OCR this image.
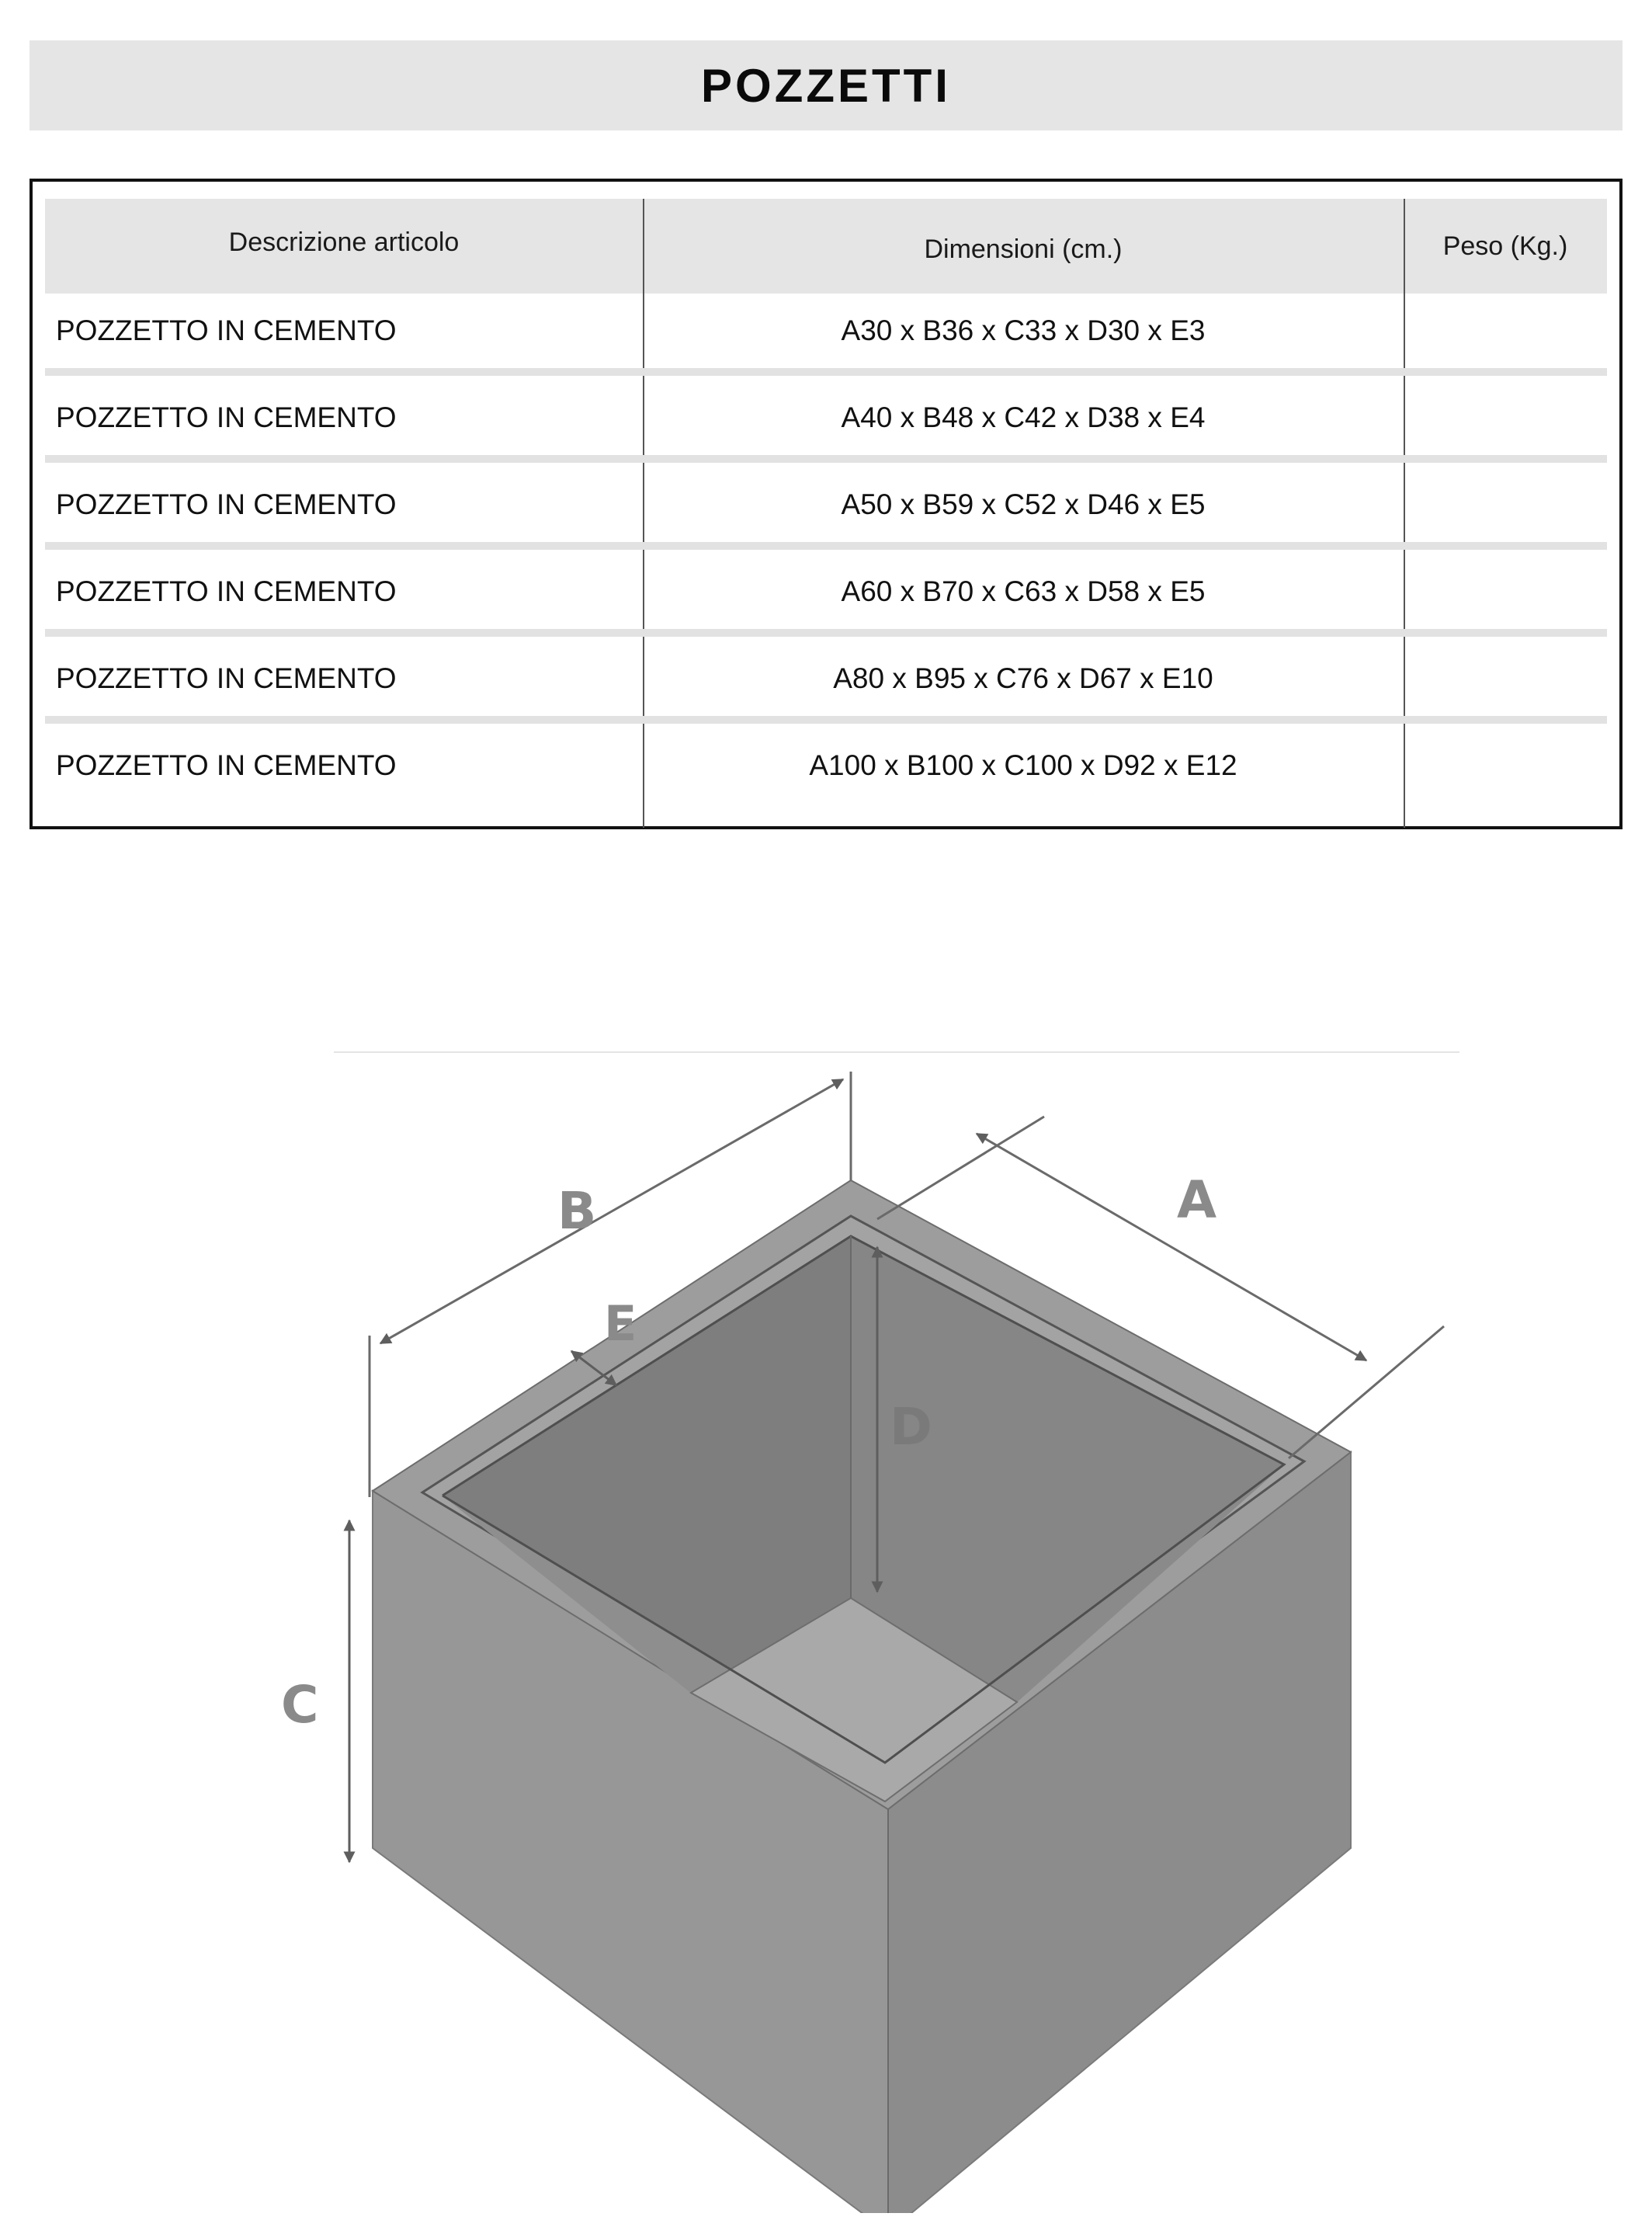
POZZETTI
Descrizione articolo	Dimensioni (cm.)	Peso (Kg.)
POZZETTO IN CEMENTO	A30 x B36 x C33 x D30 x E3
POZZETTO IN CEMENTO	A40 x B48 x C42 x D38 x E4
POZZETTO IN CEMENTO	A50 x B59 x C52 x D46 x E5
POZZETTO IN CEMENTO	A60 x B70 x C63 x D58 x E5
POZZETTO IN CEMENTO	A80 x B95 x C76 x D67 x E10
POZZETTO IN CEMENTO	A100 x B100 x C100 x D92 x E12
B	A
E
D
C
